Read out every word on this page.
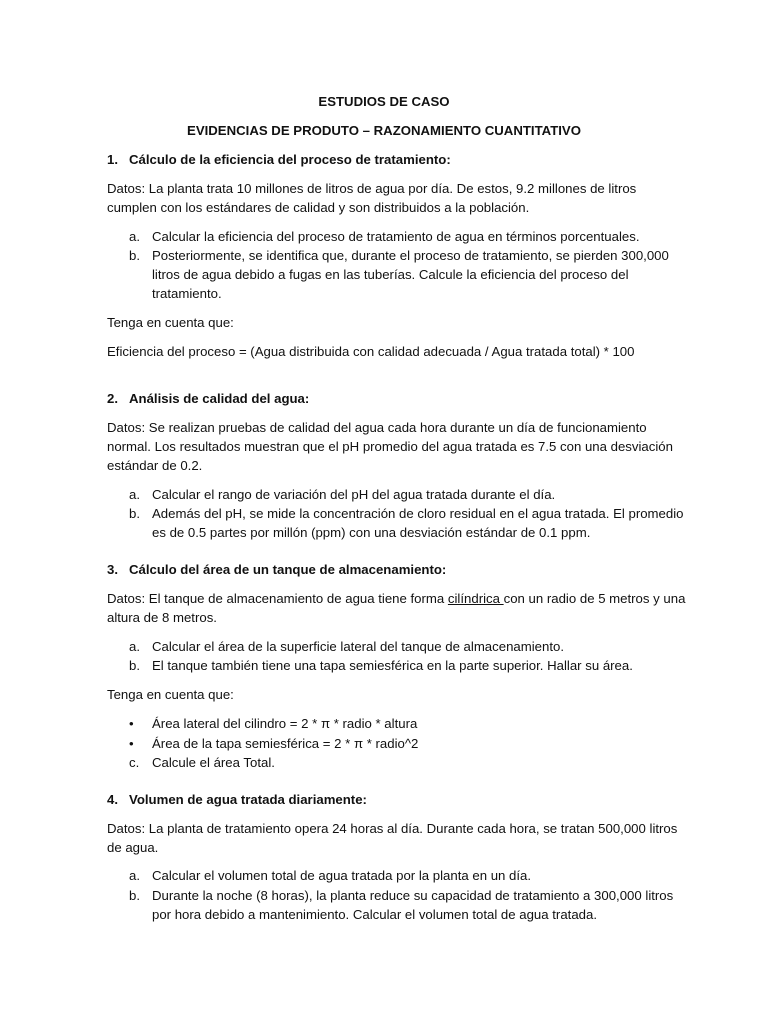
ESTUDIOS DE CASO
EVIDENCIAS DE PRODUTO – RAZONAMIENTO CUANTITATIVO
1. Cálculo de la eficiencia del proceso de tratamiento:
Datos: La planta trata 10 millones de litros de agua por día. De estos, 9.2 millones de litros
cumplen con los estándares de calidad y son distribuidos a la población.
a. Calcular la eficiencia del proceso de tratamiento de agua en términos porcentuales.
b. Posteriormente, se identifica que, durante el proceso de tratamiento, se pierden 300,000
litros de agua debido a fugas en las tuberías. Calcule la eficiencia del proceso del
tratamiento.
Tenga en cuenta que:
Eficiencia del proceso = (Agua distribuida con calidad adecuada / Agua tratada total) * 100
2. Análisis de calidad del agua:
Datos: Se realizan pruebas de calidad del agua cada hora durante un día de funcionamiento
normal. Los resultados muestran que el pH promedio del agua tratada es 7.5 con una desviación
estándar de 0.2.
a. Calcular el rango de variación del pH del agua tratada durante el día.
b. Además del pH, se mide la concentración de cloro residual en el agua tratada. El promedio
es de 0.5 partes por millón (ppm) con una desviación estándar de 0.1 ppm.
3. Cálculo del área de un tanque de almacenamiento:
Datos: El tanque de almacenamiento de agua tiene forma cilíndrica con un radio de 5 metros y una
altura de 8 metros.
a. Calcular el área de la superficie lateral del tanque de almacenamiento.
b. El tanque también tiene una tapa semiesférica en la parte superior. Hallar su área.
Tenga en cuenta que:
• Área lateral del cilindro = 2 * π * radio * altura
• Área de la tapa semiesférica = 2 * π * radio^2
c. Calcule el área Total.
4. Volumen de agua tratada diariamente:
Datos: La planta de tratamiento opera 24 horas al día. Durante cada hora, se tratan 500,000 litros
de agua.
a. Calcular el volumen total de agua tratada por la planta en un día.
b. Durante la noche (8 horas), la planta reduce su capacidad de tratamiento a 300,000 litros
por hora debido a mantenimiento. Calcular el volumen total de agua tratada.
